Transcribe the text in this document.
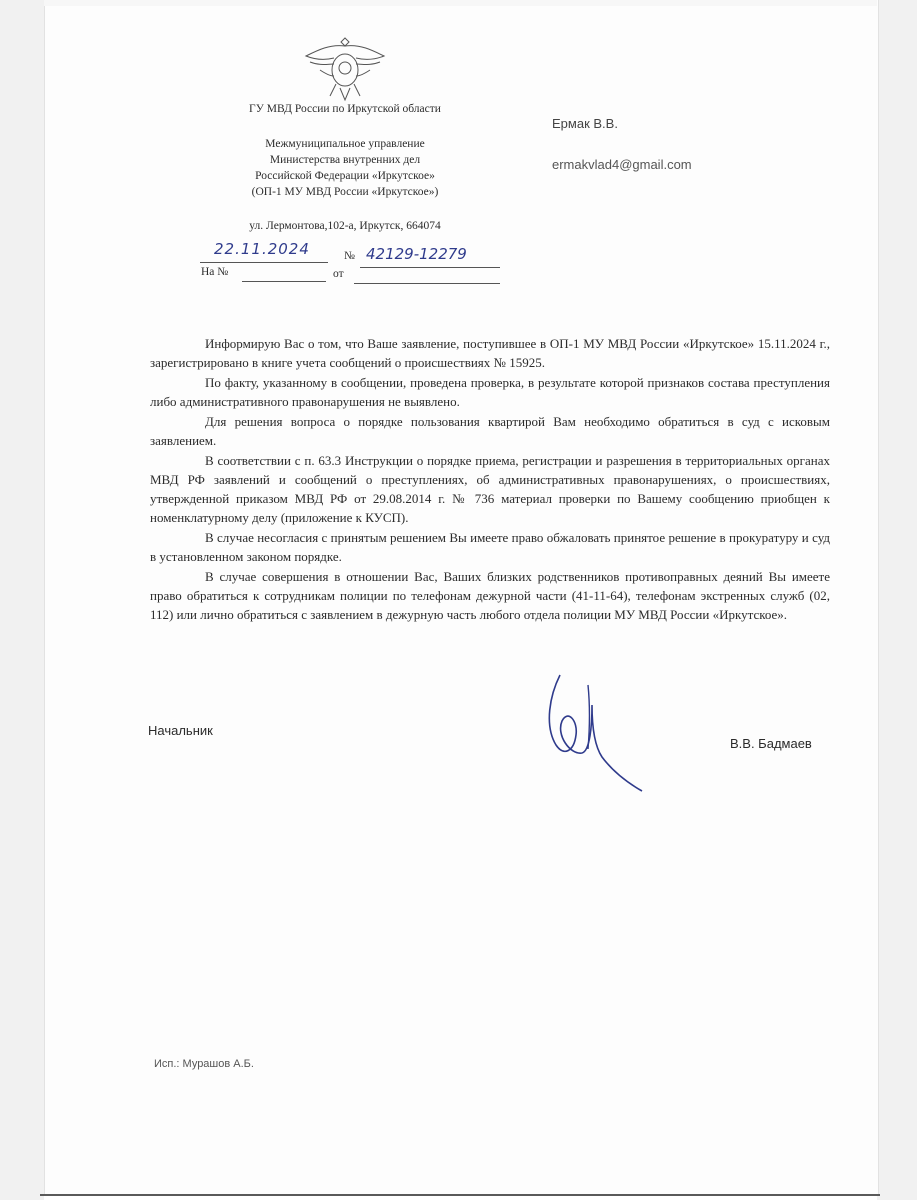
ГУ МВД России по Иркутской области
Межмуниципальное управление
Министерства внутренних дел
Российской Федерации «Иркутское»
(ОП-1 МУ МВД России «Иркутское»)
ул. Лермонтова,102-а, Иркутск, 664074
22.11.2024	№ 42129-12279
На №	от
Ермак В.В.
ermakvlad4@gmail.com

Информирую Вас о том, что Ваше заявление, поступившее в ОП-1 МУ МВД России «Иркутское» 15.11.2024 г., зарегистрировано в книге учета сообщений о происшествиях № 15925.

По факту, указанному в сообщении, проведена проверка, в результате которой признаков состава преступления либо административного правонарушения не выявлено.

Для решения вопроса о порядке пользования квартирой Вам необходимо обратиться в суд с исковым заявлением.

В соответствии с п. 63.3 Инструкции о порядке приема, регистрации и разрешения в территориальных органах МВД РФ заявлений и сообщений о преступлениях, об административных правонарушениях, о происшествиях, утвержденной приказом МВД РФ от 29.08.2014 г. № 736 материал проверки по Вашему сообщению приобщен к номенклатурному делу (приложение к КУСП).

В случае несогласия с принятым решением Вы имеете право обжаловать принятое решение в прокуратуру и суд в установленном законом порядке.

В случае совершения в отношении Вас, Ваших близких родственников противоправных деяний Вы имеете право обратиться к сотрудникам полиции по телефонам дежурной части (41-11-64), телефонам экстренных служб (02, 112) или лично обратиться с заявлением в дежурную часть любого отдела полиции МУ МВД России «Иркутское».

Начальник
В.В. Бадмаев
Исп.: Мурашов А.Б.
